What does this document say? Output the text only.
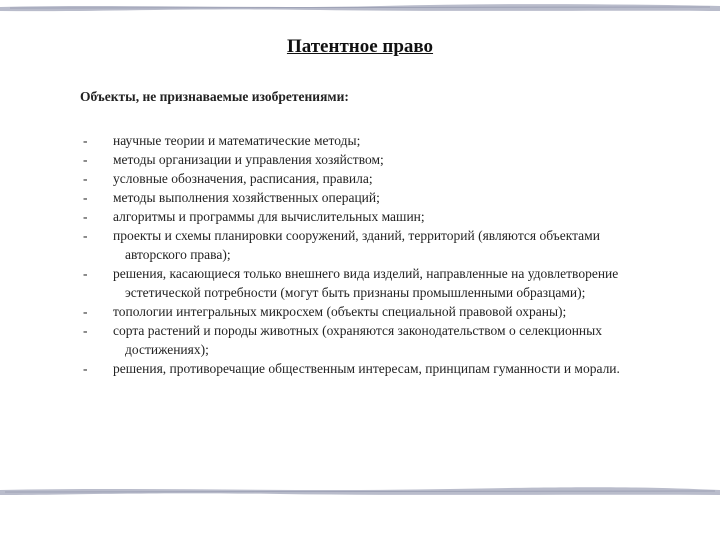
Патентное право
Объекты, не признаваемые изобретениями:
- научные теории и математические методы;
- методы организации и управления хозяйством;
- условные обозначения, расписания, правила;
- методы выполнения хозяйственных операций;
- алгоритмы и программы для вычислительных машин;
- проекты и схемы планировки сооружений, зданий, территорий (являются объектами авторского права);
- решения, касающиеся только внешнего вида изделий, направленные на удовлетворение эстетической потребности (могут быть признаны промышленными образцами);
- топологии интегральных микросхем (объекты специальной правовой охраны);
- сорта растений и породы животных (охраняются законодательством о селекционных достижениях);
- решения, противоречащие общественным интересам, принципам гуманности и морали.
